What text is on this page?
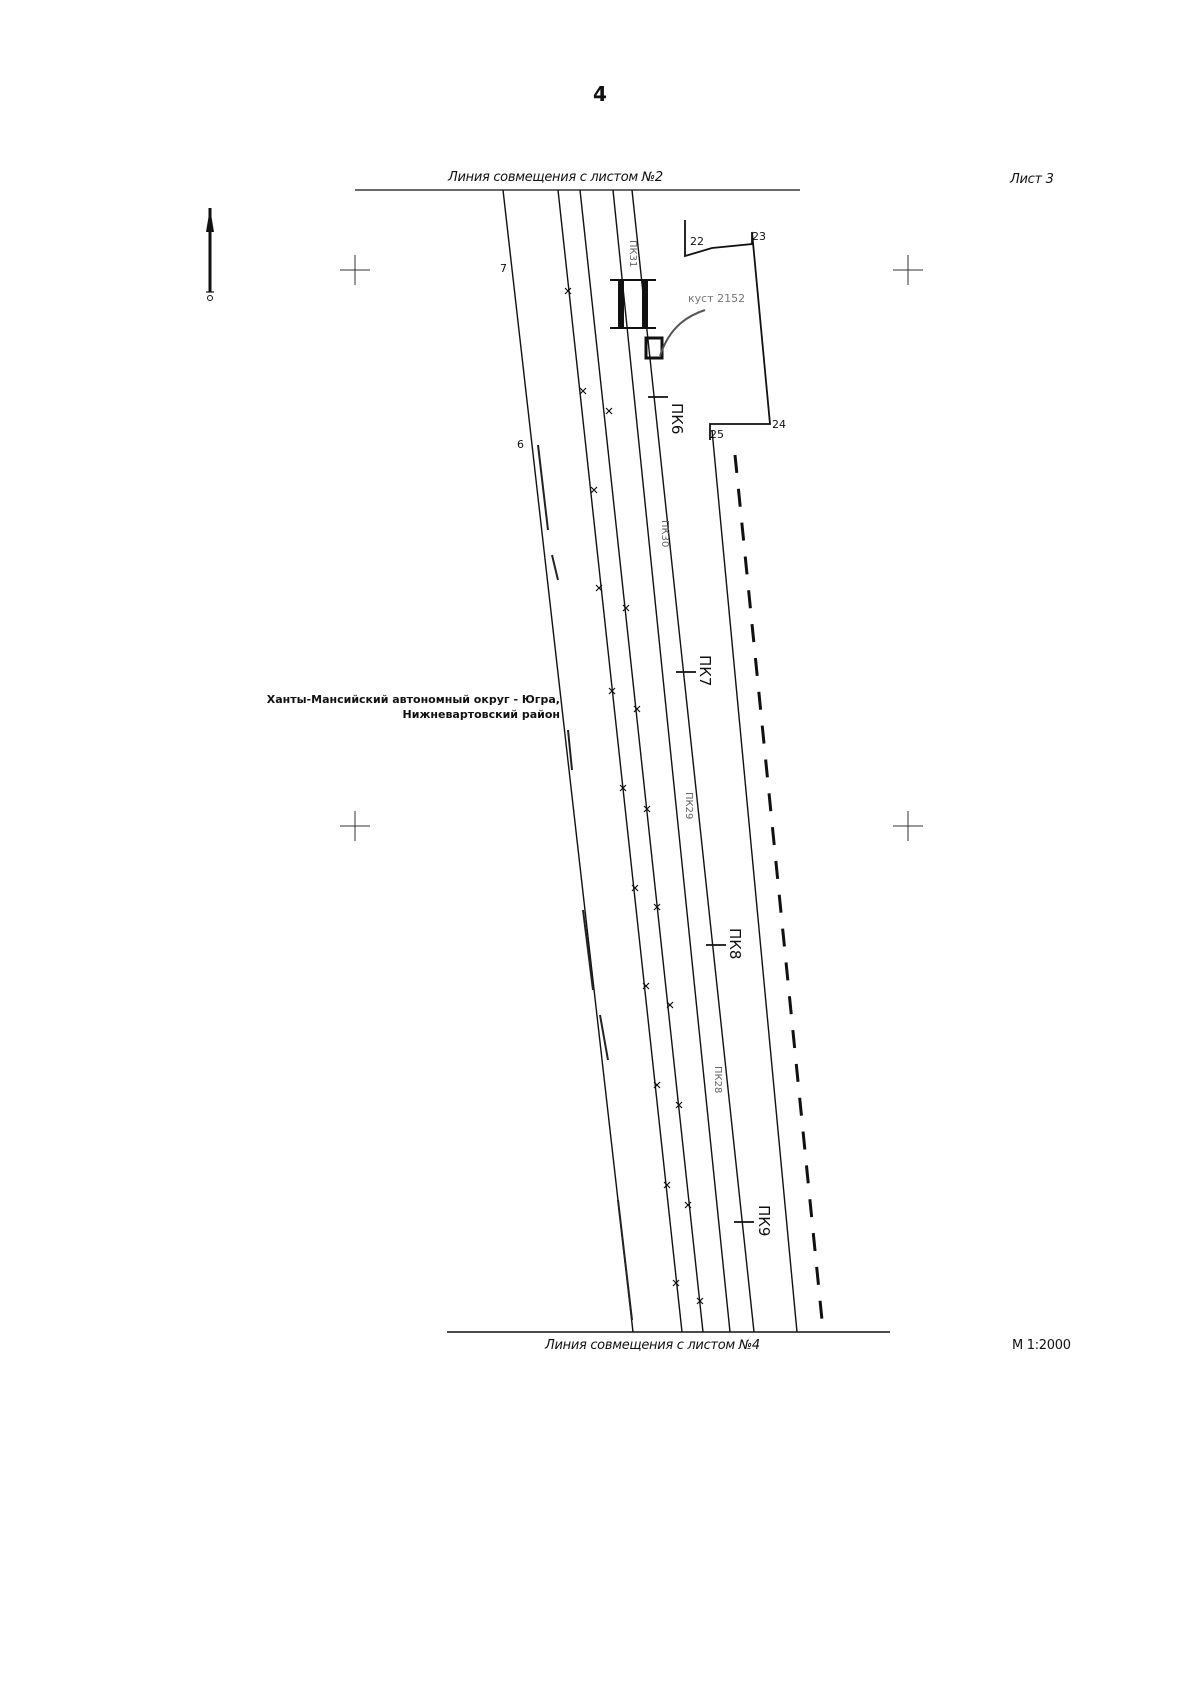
4
Лист 3
Линия совмещения с листом №2
Линия совмещения с листом №4	М 1:2000
Ханты-Мансийский автономный округ - Югра,
Нижневартовский район
ПК6
ПК7
ПК8
ПК9
ПК31
ПК30
ПК29
ПК28
22	23
24
25
куст 2152
7
6
